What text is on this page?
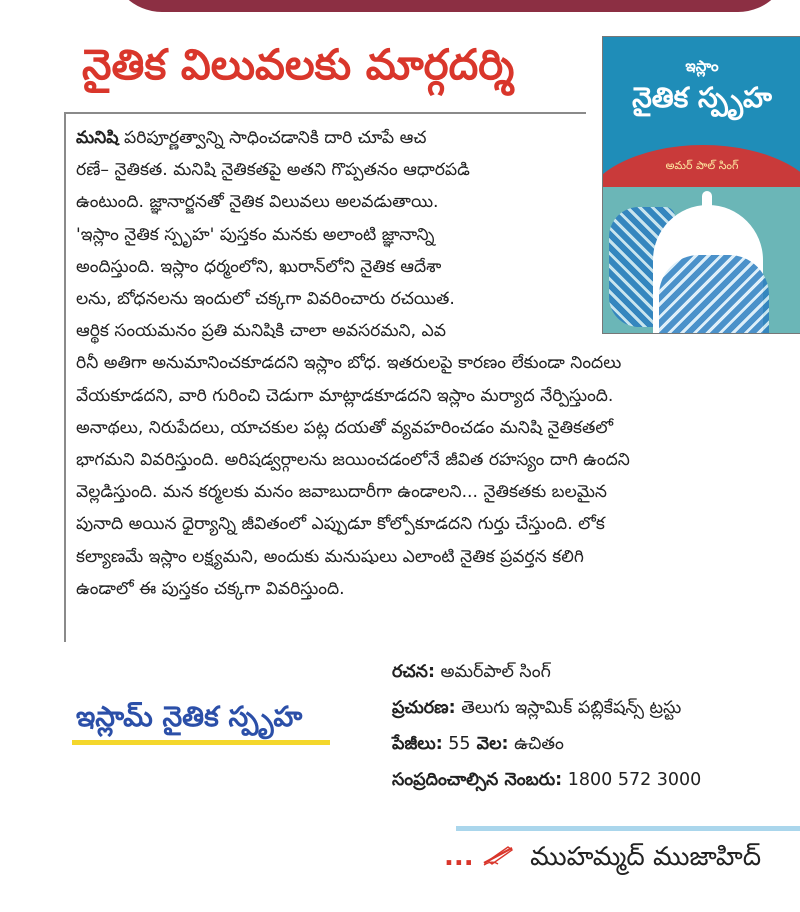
నైతిక విలువలకు మార్గదర్శి
మనిషి పరిపూర్ణత్వాన్ని సాధించడానికి దారి చూపే ఆచ
రణే– నైతికత. మనిషి నైతికతపై అతని గొప్పతనం ఆధారపడి
ఉంటుంది. జ్ఞానార్జనతో నైతిక విలువలు అలవడుతాయి.
'ఇస్లాం నైతిక స్పృహ' పుస్తకం మనకు అలాంటి జ్ఞానాన్ని
అందిస్తుంది. ఇస్లాం ధర్మంలోని, ఖురాన్‌లోని నైతిక ఆదేశా
లను, బోధనలను ఇందులో చక్కగా వివరించారు రచయిత.
ఆర్థిక సంయమనం ప్రతి మనిషికి చాలా అవసరమని, ఎవ
రినీ అతిగా అనుమానించకూడదని ఇస్లాం బోధ. ఇతరులపై కారణం లేకుండా నిందలు
వేయకూడదని, వారి గురించి చెడుగా మాట్లాడకూడదని ఇస్లాం మర్యాద నేర్పిస్తుంది.
అనాథలు, నిరుపేదలు, యాచకుల పట్ల దయతో వ్యవహరించడం మనిషి నైతికతలో
భాగమని వివరిస్తుంది. అరిషడ్వర్గాలను జయించడంలోనే జీవిత రహస్యం దాగి ఉందని
వెల్లడిస్తుంది. మన కర్మలకు మనం జవాబుదారీగా ఉండాలని... నైతికతకు బలమైన
పునాది అయిన ధైర్యాన్ని జీవితంలో ఎప్పుడూ కోల్పోకూడదని గుర్తు చేస్తుంది. లోక
కల్యాణమే ఇస్లాం లక్ష్యమని, అందుకు మనుషులు ఎలాంటి నైతిక ప్రవర్తన కలిగి
ఉండాలో ఈ పుస్తకం చక్కగా వివరిస్తుంది.
ఇస్లాం
నైతిక స్పృహ
అమర్ పాల్ సింగ్
ఇస్లామ్ నైతిక స్పృహ
రచన: అమర్‌పాల్ సింగ్
ప్రచురణ: తెలుగు ఇస్లామిక్ పబ్లికేషన్స్ ట్రస్టు
పేజీలు: 55 వెల: ఉచితం
సంప్రదించాల్సిన నెంబరు: 1800 572 3000
... ముహమ్మద్ ముజాహిద్
